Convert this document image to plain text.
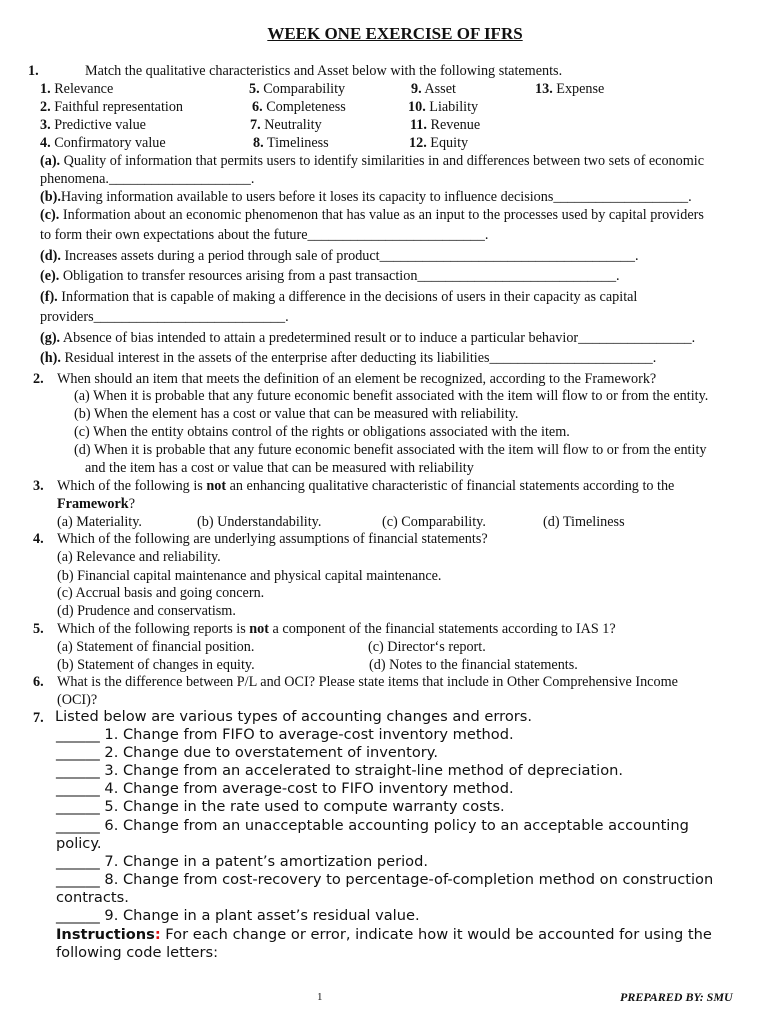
WEEK ONE EXERCISE OF IFRS
1.	Match the qualitative characteristics and Asset below with the following statements.
1. Relevance	5. Comparability	9. Asset	13. Expense
2. Faithful representation	6. Completeness	10. Liability
3. Predictive value	7. Neutrality	11. Revenue
4. Confirmatory value	8. Timeliness	12. Equity
(a). Quality of information that permits users to identify similarities in and differences between two sets of economic
phenomena.____________________.
(b).Having information available to users before it loses its capacity to influence decisions___________________.
(c). Information about an economic phenomenon that has value as an input to the processes used by capital providers
to form their own expectations about the future_________________________.
(d). Increases assets during a period through sale of product____________________________________.
(e). Obligation to transfer resources arising from a past transaction____________________________.
(f). Information that is capable of making a difference in the decisions of users in their capacity as capital
providers___________________________.
(g). Absence of bias intended to attain a predetermined result or to induce a particular behavior________________.
(h). Residual interest in the assets of the enterprise after deducting its liabilities_______________________.
2. When should an item that meets the definition of an element be recognized, according to the Framework?
(a) When it is probable that any future economic benefit associated with the item will flow to or from the entity.
(b) When the element has a cost or value that can be measured with reliability.
(c) When the entity obtains control of the rights or obligations associated with the item.
(d) When it is probable that any future economic benefit associated with the item will flow to or from the entity
and the item has a cost or value that can be measured with reliability
3. Which of the following is not an enhancing qualitative characteristic of financial statements according to the
Framework?
(a) Materiality.	(b) Understandability.	(c) Comparability.	(d) Timeliness
4. Which of the following are underlying assumptions of financial statements?
(a) Relevance and reliability.
(b) Financial capital maintenance and physical capital maintenance.
(c) Accrual basis and going concern.
(d) Prudence and conservatism.
5. Which of the following reports is not a component of the financial statements according to IAS 1?
(a) Statement of financial position.	(c) Director‘s report.
(b) Statement of changes in equity.	(d) Notes to the financial statements.
6. What is the difference between P/L and OCI? Please state items that include in Other Comprehensive Income
(OCI)?
7. Listed below are various types of accounting changes and errors.
______ 1. Change from FIFO to average-cost inventory method.
______ 2. Change due to overstatement of inventory.
______ 3. Change from an accelerated to straight-line method of depreciation.
______ 4. Change from average-cost to FIFO inventory method.
______ 5. Change in the rate used to compute warranty costs.
______ 6. Change from an unacceptable accounting policy to an acceptable accounting
policy.
______ 7. Change in a patent’s amortization period.
______ 8. Change from cost-recovery to percentage-of-completion method on construction
contracts.
______ 9. Change in a plant asset’s residual value.
Instructions: For each change or error, indicate how it would be accounted for using the
following code letters:
1	PREPARED BY: SMU
